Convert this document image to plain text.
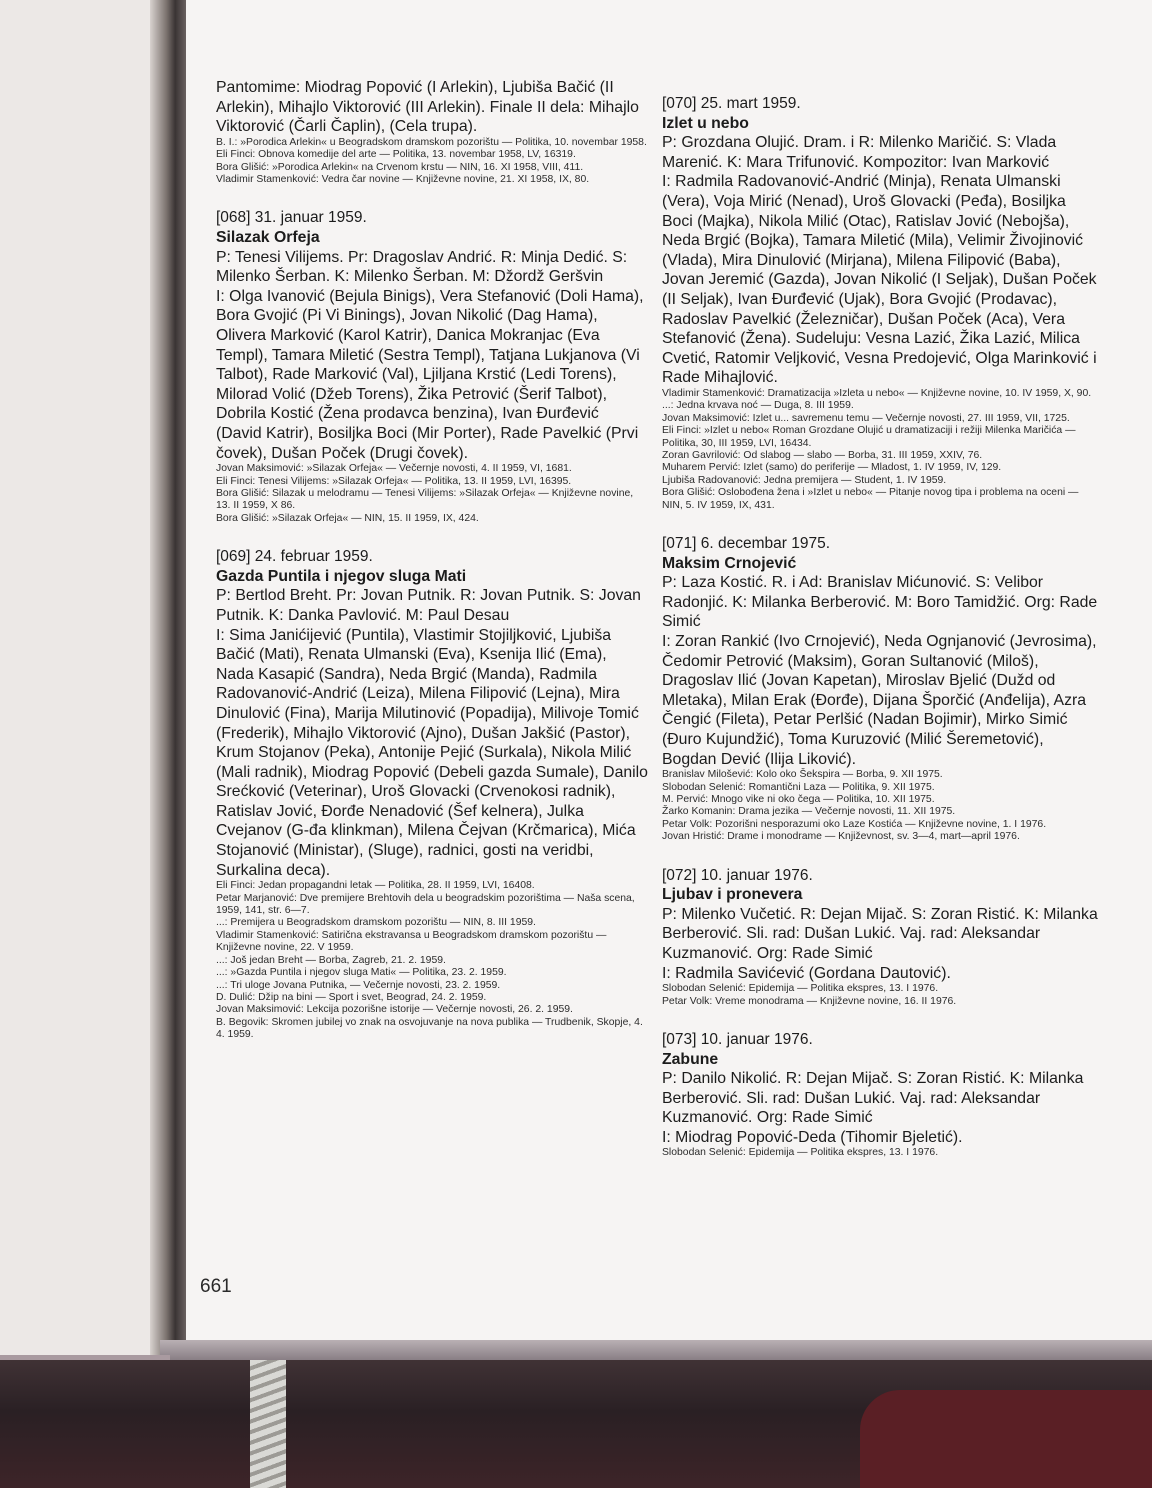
Pantomime: Miodrag Popović (I Arlekin), Ljubiša Bačić (II Arlekin), Mihajlo Viktorović (III Arlekin). Finale II dela: Mihajlo Viktorović (Čarli Čaplin), (Cela trupa).

B. I.: »Porodica Arlekin« u Beogradskom dramskom pozorištu — Politika, 10. novembar 1958.
Eli Finci: Obnova komedije del arte — Politika, 13. novembar 1958, LV, 16319.
Bora Glišić: »Porodica Arlekin« na Crvenom krstu — NIN, 16. XI 1958, VIII, 411.
Vladimir Stamenković: Vedra čar novine — Književne novine, 21. XI 1958, IX, 80.

[068] 31. januar 1959.

Silazak Orfeja

P: Tenesi Vilijems. Pr: Dragoslav Andrić. R: Minja Dedić. S: Milenko Šerban. K: Milenko Šerban. M: Džordž Geršvin

I: Olga Ivanović (Bejula Binigs), Vera Stefanović (Doli Hama), Bora Gvojić (Pi Vi Binings), Jovan Nikolić (Dag Hama), Olivera Marković (Karol Katrir), Danica Mokranjac (Eva Templ), Tamara Miletić (Sestra Templ), Tatjana Lukjanova (Vi Talbot), Rade Marković (Val), Ljiljana Krstić (Ledi Torens), Milorad Volić (Džeb Torens), Žika Petrović (Šerif Talbot), Dobrila Kostić (Žena prodavca benzina), Ivan Đurđević (David Katrir), Bosiljka Boci (Mir Porter), Rade Pavelkić (Prvi čovek), Dušan Poček (Drugi čovek).

Jovan Maksimović: »Silazak Orfeja« — Večernje novosti, 4. II 1959, VI, 1681.
Eli Finci: Tenesi Vilijems: »Silazak Orfeja« — Politika, 13. II 1959, LVI, 16395.
Bora Glišić: Silazak u melodramu — Tenesi Vilijems: »Silazak Orfeja« — Književne novine, 13. II 1959, X 86.
Bora Glišić: »Silazak Orfeja« — NIN, 15. II 1959, IX, 424.

[069] 24. februar 1959.

Gazda Puntila i njegov sluga Mati

P: Bertlod Breht. Pr: Jovan Putnik. R: Jovan Putnik. S: Jovan Putnik. K: Danka Pavlović. M: Paul Desau

I: Sima Janićijević (Puntila), Vlastimir Stojiljković, Ljubiša Bačić (Mati), Renata Ulmanski (Eva), Ksenija Ilić (Ema), Nada Kasapić (Sandra), Neda Brgić (Manda), Radmila Radovanović-Andrić (Leiza), Milena Filipović (Lejna), Mira Dinulović (Fina), Marija Milutinović (Popadija), Milivoje Tomić (Frederik), Mihajlo Viktorović (Ajno), Dušan Jakšić (Pastor), Krum Stojanov (Peka), Antonije Pejić (Surkala), Nikola Milić (Mali radnik), Miodrag Popović (Debeli gazda Sumale), Danilo Srećković (Veterinar), Uroš Glovacki (Crvenokosi radnik), Ratislav Jović, Đorđe Nenadović (Šef kelnera), Julka Cvejanov (G-đa klinkman), Milena Čejvan (Krčmarica), Mića Stojanović (Ministar), (Sluge), radnici, gosti na veridbi, Surkalina deca).

Eli Finci: Jedan propagandni letak — Politika, 28. II 1959, LVI, 16408.
Petar Marjanović: Dve premijere Brehtovih dela u beogradskim pozorištima — Naša scena, 1959, 141, str. 6—7.
...: Premijera u Beogradskom dramskom pozorištu — NIN, 8. III 1959.
Vladimir Stamenković: Satirična ekstravansa u Beogradskom dramskom pozorištu — Književne novine, 22. V 1959.
...: Još jedan Breht — Borba, Zagreb, 21. 2. 1959.
...: »Gazda Puntila i njegov sluga Mati« — Politika, 23. 2. 1959.
...: Tri uloge Jovana Putnika, — Večernje novosti, 23. 2. 1959.
D. Dulić: Džip na bini — Sport i svet, Beograd, 24. 2. 1959.
Jovan Maksimović: Lekcija pozorišne istorije — Večernje novosti, 26. 2. 1959.
B. Begovik: Skromen jubilej vo znak na osvojuvanje na nova publika — Trudbenik, Skopje, 4. 4. 1959.

[070] 25. mart 1959.

Izlet u nebo

P: Grozdana Olujić. Dram. i R: Milenko Maričić. S: Vlada Marenić. K: Mara Trifunović. Kompozitor: Ivan Marković

I: Radmila Radovanović-Andrić (Minja), Renata Ulmanski (Vera), Voja Mirić (Nenad), Uroš Glovacki (Peđa), Bosiljka Boci (Majka), Nikola Milić (Otac), Ratislav Jović (Nebojša), Neda Brgić (Bojka), Tamara Miletić (Mila), Velimir Živojinović (Vlada), Mira Dinulović (Mirjana), Milena Filipović (Baba), Jovan Jeremić (Gazda), Jovan Nikolić (I Seljak), Dušan Poček (II Seljak), Ivan Đurđević (Ujak), Bora Gvojić (Prodavac), Radoslav Pavelkić (Železničar), Dušan Poček (Aca), Vera Stefanović (Žena). Sudeluju: Vesna Lazić, Žika Lazić, Milica Cvetić, Ratomir Veljković, Vesna Predojević, Olga Marinković i Rade Mihajlović.

Vladimir Stamenković: Dramatizacija »Izleta u nebo« — Književne novine, 10. IV 1959, X, 90.
...: Jedna krvava noć — Duga, 8. III 1959.
Jovan Maksimović: Izlet u... savremenu temu — Večernje novosti, 27. III 1959, VII, 1725.
Eli Finci: »Izlet u nebo« Roman Grozdane Olujić u dramatizaciji i režiji Milenka Maričića — Politika, 30, III 1959, LVI, 16434.
Zoran Gavrilović: Od slabog — slabo — Borba, 31. III 1959, XXIV, 76.
Muharem Pervić: Izlet (samo) do periferije — Mladost, 1. IV 1959, IV, 129.
Ljubiša Radovanović: Jedna premijera — Student, 1. IV 1959.
Bora Glišić: Oslobođena žena i »Izlet u nebo« — Pitanje novog tipa i problema na oceni — NIN, 5. IV 1959, IX, 431.

[071] 6. decembar 1975.

Maksim Crnojević

P: Laza Kostić. R. i Ad: Branislav Mićunović. S: Velibor Radonjić. K: Milanka Berberović. M: Boro Tamidžić. Org: Rade Simić

I: Zoran Rankić (Ivo Crnojević), Neda Ognjanović (Jevrosima), Čedomir Petrović (Maksim), Goran Sultanović (Miloš), Dragoslav Ilić (Jovan Kapetan), Miroslav Bjelić (Dužd od Mletaka), Milan Erak (Đorđe), Dijana Šporčić (Anđelija), Azra Čengić (Fileta), Petar Perlšić (Nadan Bojimir), Mirko Simić (Đuro Kujundžić), Toma Kuruzović (Milić Šeremetović), Bogdan Dević (Ilija Liković).

Branislav Milošević: Kolo oko Šekspira — Borba, 9. XII 1975.
Slobodan Selenić: Romantični Laza — Politika, 9. XII 1975.
M. Pervić: Mnogo vike ni oko čega — Politika, 10. XII 1975.
Žarko Komanin: Drama jezika — Večernje novosti, 11. XII 1975.
Petar Volk: Pozorišni nesporazumi oko Laze Kostića — Književne novine, 1. I 1976.
Jovan Hristić: Drame i monodrame — Književnost, sv. 3—4, mart—april 1976.

[072] 10. januar 1976.

Ljubav i pronevera

P: Milenko Vučetić. R: Dejan Mijač. S: Zoran Ristić. K: Milanka Berberović. Sli. rad: Dušan Lukić. Vaj. rad: Aleksandar Kuzmanović. Org: Rade Simić

I: Radmila Savićević (Gordana Dautović).

Slobodan Selenić: Epidemija — Politika ekspres, 13. I 1976.
Petar Volk: Vreme monodrama — Književne novine, 16. II 1976.

[073] 10. januar 1976.

Zabune

P: Danilo Nikolić. R: Dejan Mijač. S: Zoran Ristić. K: Milanka Berberović. Sli. rad: Dušan Lukić. Vaj. rad: Aleksandar Kuzmanović. Org: Rade Simić

I: Miodrag Popović-Deda (Tihomir Bjeletić).

Slobodan Selenić: Epidemija — Politika ekspres, 13. I 1976.
661
